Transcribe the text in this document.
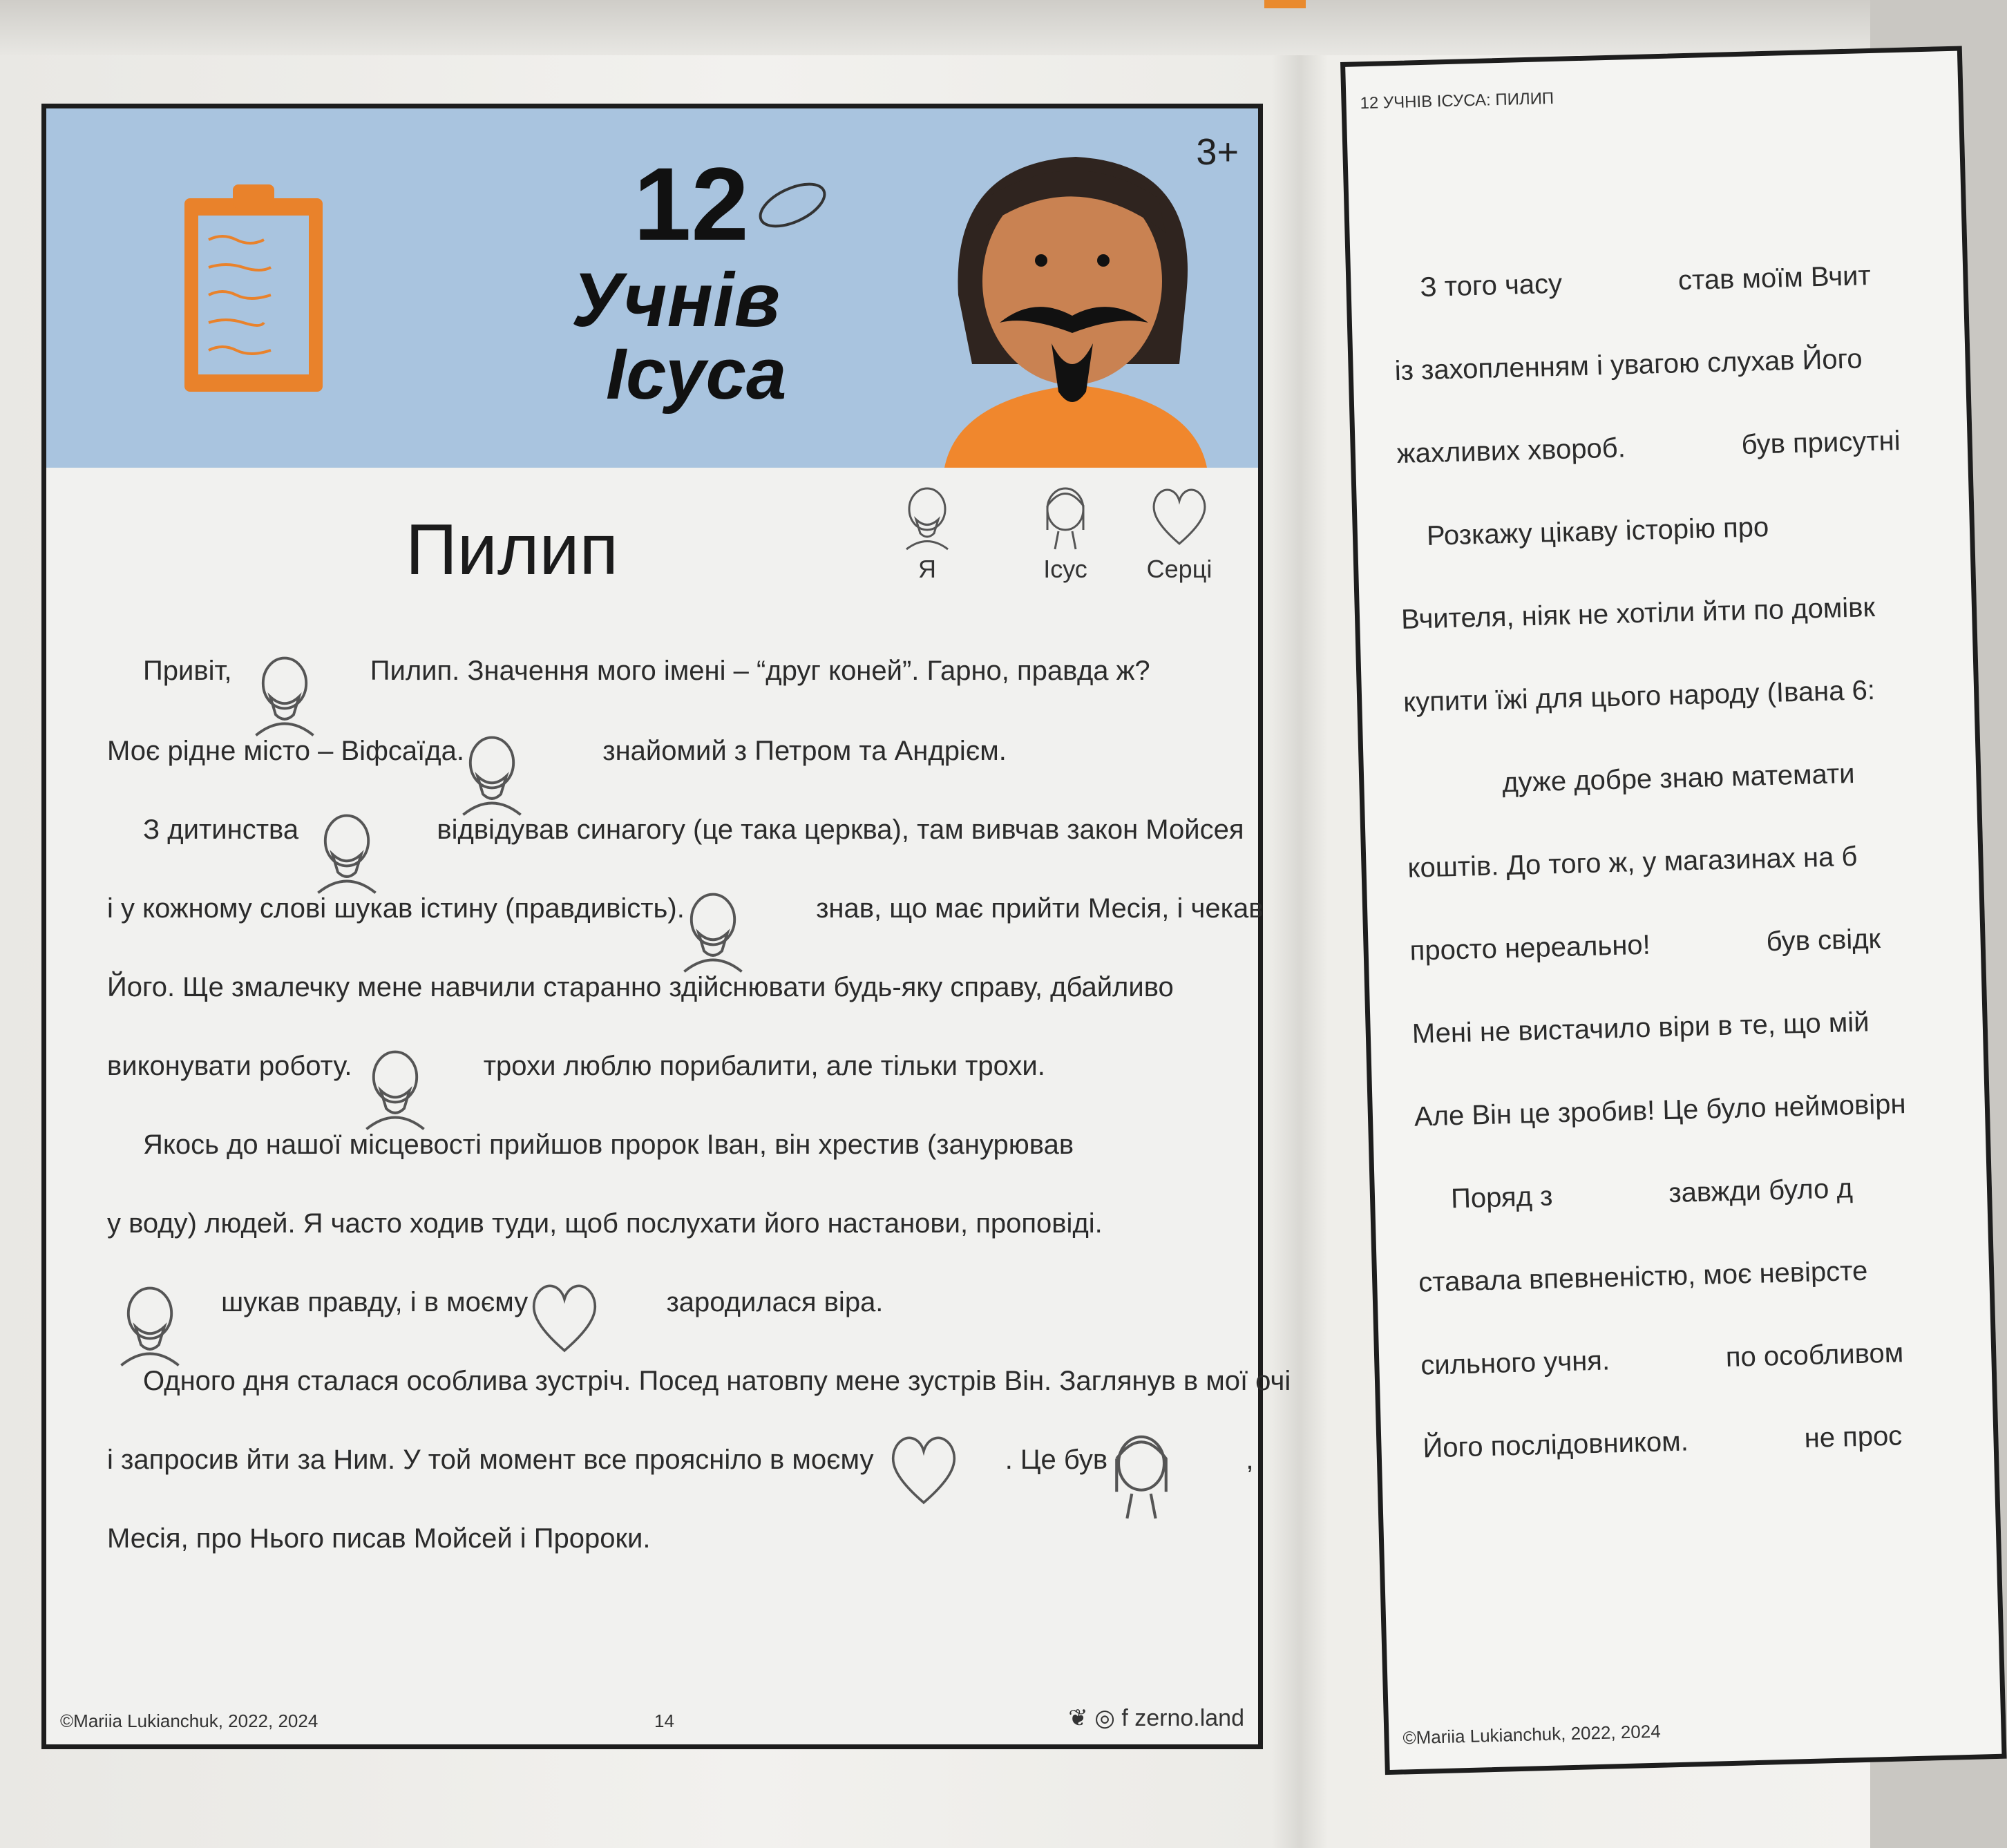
3+
12
Учнів
Ісуса
Пилип	Я	Ісус	Серці
Привіт,	Пилип. Значення мого імені – “друг коней”. Гарно, правда ж?
Моє рідне місто – Віфсаїда.	знайомий з Петром та Андрієм.
З дитинства	відвідував синагогу (це така церква), там вивчав закон Мойсея
і у кожному слові шукав істину (правдивість).	знав, що має прийти Месія, і чекав
Його. Ще змалечку мене навчили старанно здійснювати будь-яку справу, дбайливо
виконувати роботу.	трохи люблю порибалити, але тільки трохи.
Якось до нашої місцевості прийшов пророк Іван, він хрестив (занурював
у воду) людей. Я часто ходив туди, щоб послухати його настанови, проповіді.
шукав правду, і в моєму	зародилася віра.
Одного дня сталася особлива зустріч. Посед натовпу мене зустрів Він. Заглянув в мої очі
і запросив йти за Ним. У той момент все прояснілo в моєму	. Це був	,
Месія, про Нього писав Мойсей і Пророки.
©Mariia Lukianchuk, 2022, 2024	14	❦ ◎ f zerno.land
12 УЧНІВ ІСУСА: ПИЛИП
З того часу	став моїм Вчит
із захопленням і увагою слухав Його
жахливих хвороб.	був присутні
Розкажу цікаву історію про
Вчителя, ніяк не хотіли йти по домівк
купити їжі для цього народу (Івана 6:
дуже добре знаю математи
коштів. До того ж, у магазинах на б
просто нереально!	був свідк
Мені не вистачило віри в те, що мій
Але Він це зробив! Це було неймовірн
Поряд з	завжди було д
ставала впевненістю, моє невірсте
сильного учня.	по особливом
Його послідовником.	не прос
©Mariia Lukianchuk, 2022, 2024
